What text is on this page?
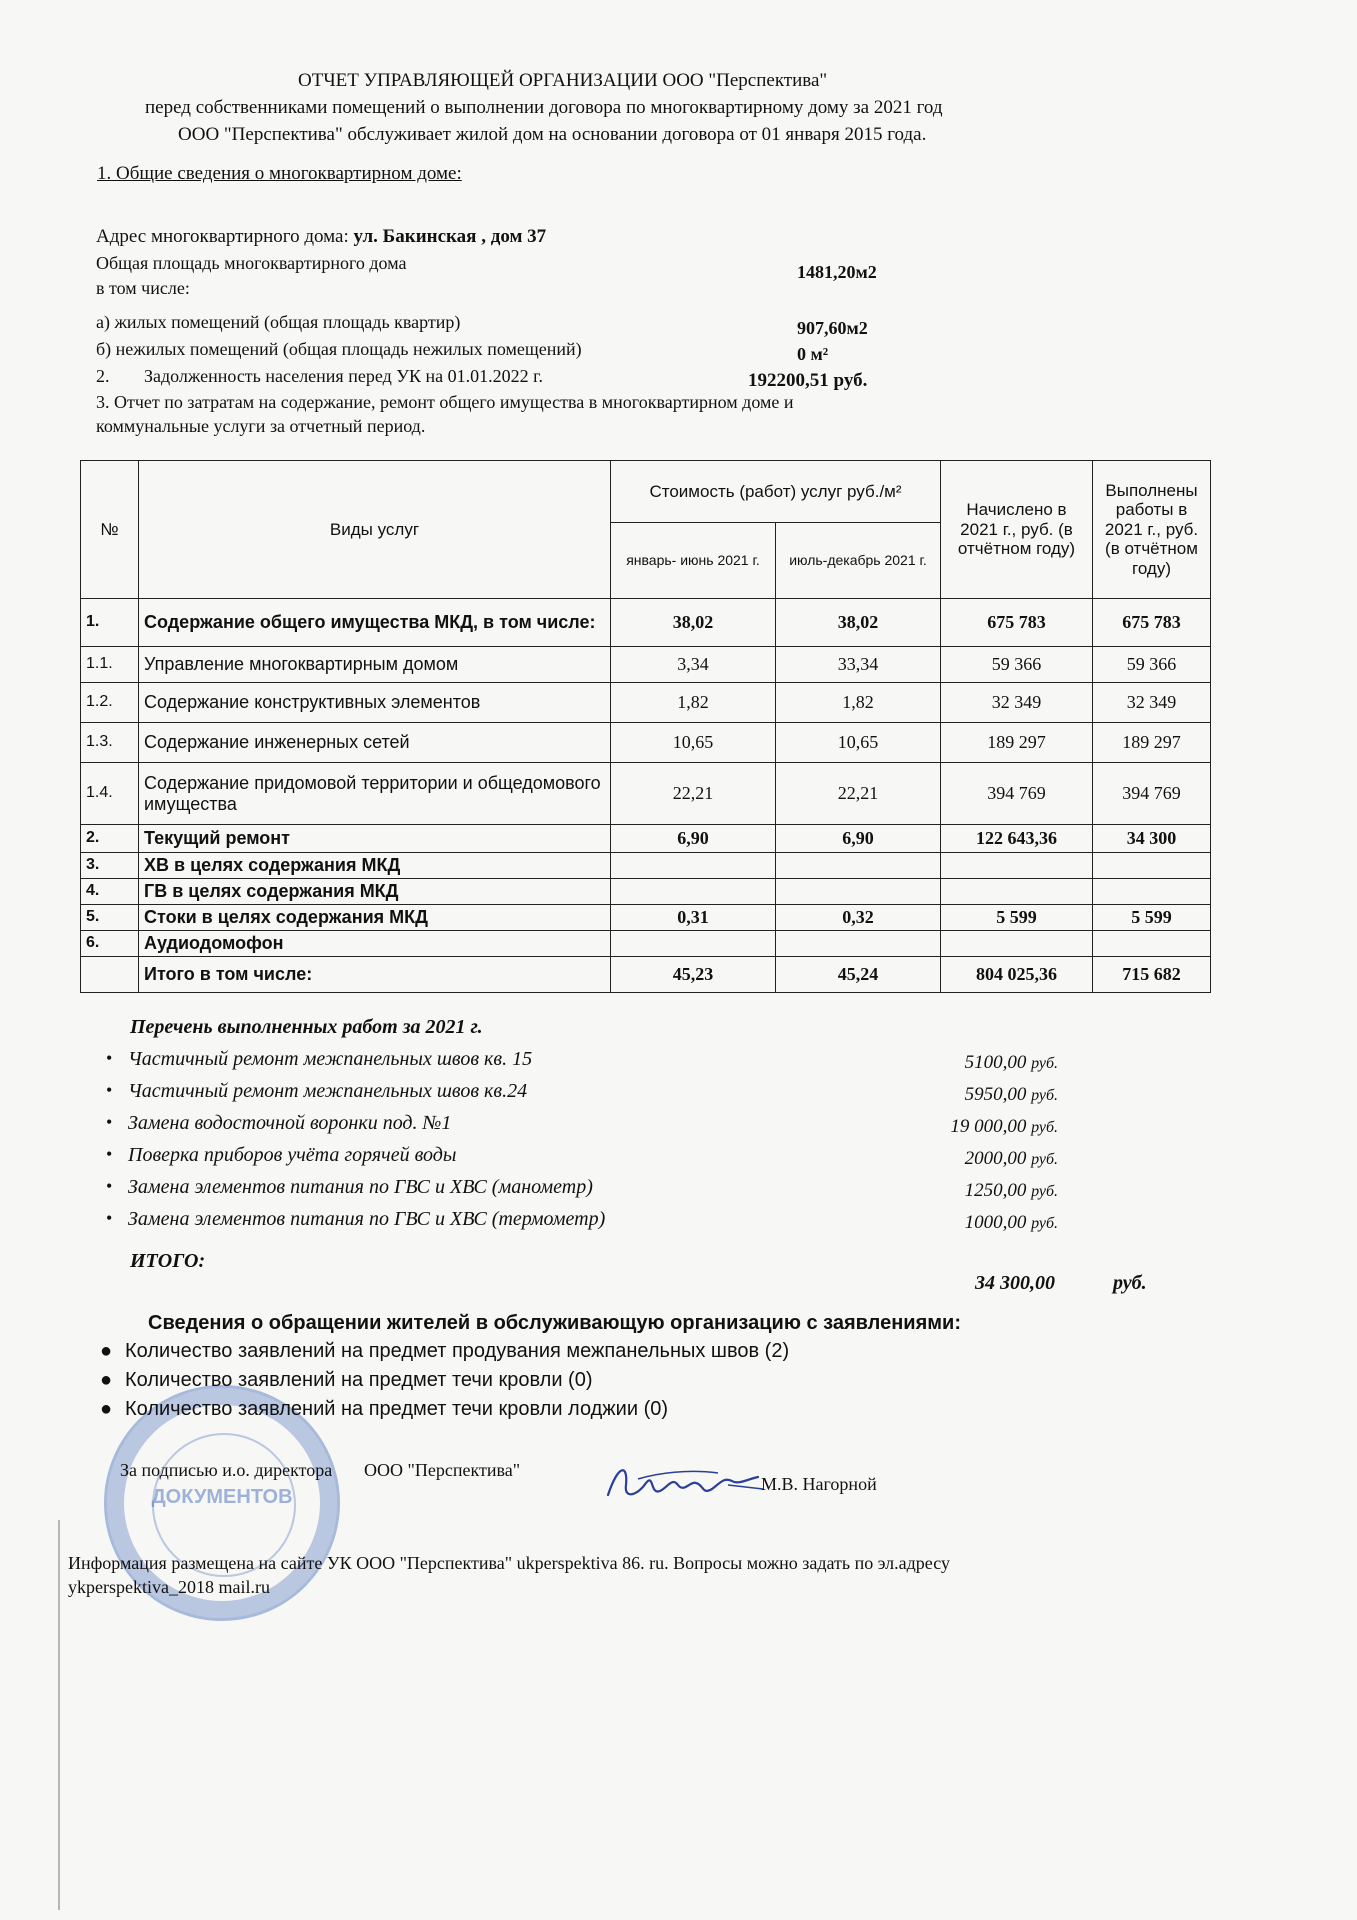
ОТЧЕТ УПРАВЛЯЮЩЕЙ ОРГАНИЗАЦИИ ООО "Перспектива"
перед собственниками помещений о выполнении договора по многоквартирному дому за 2021 год
ООО "Перспектива" обслуживает жилой дом на основании договора от 01 января 2015 года.
1. Общие сведения о многоквартирном доме:
Адрес многоквартирного дома: ул. Бакинская , дом 37
Общая площадь многоквартирного дома	1481,20м2
в том числе:
а) жилых помещений (общая площадь квартир)	907,60м2
б) нежилых помещений (общая площадь нежилых помещений)	0 м²
2. Задолженность населения перед УК на 01.01.2022 г.	192200,51 руб.
3. Отчет по затратам на содержание, ремонт общего имущества в многоквартирном доме и
коммунальные услуги за отчетный период.
№	Виды услуг	Стоимость (работ) услуг руб./м²		Начислено в 2021 г., руб. (в отчётном году)	Выполнены работы в 2021 г., руб. (в отчётном году)
		январь- июнь 2021 г.	июль-декабрь 2021 г.		
1.	Содержание общего имущества МКД, в том числе:	38,02	38,02	675 783	675 783
1.1.	Управление многоквартирным домом	3,34	33,34	59 366	59 366
1.2.	Содержание конструктивных элементов	1,82	1,82	32 349	32 349
1.3.	Содержание инженерных сетей	10,65	10,65	189 297	189 297
1.4.	Содержание придомовой территории и общедомового имущества	22,21	22,21	394 769	394 769
2.	Текущий ремонт	6,90	6,90	122 643,36	34 300
3.	ХВ в целях содержания МКД				
4.	ГВ в целях содержания МКД				
5.	Стоки в целях содержания МКД	0,31	0,32	5 599	5 599
6.	Аудиодомофон				
	Итого в том числе:	45,23	45,24	804 025,36	715 682
Перечень выполненных работ за 2021 г.
• Частичный ремонт межпанельных швов кв. 15	5100,00 руб.
• Частичный ремонт межпанельных швов кв.24	5950,00 руб.
• Замена водосточной воронки под. №1	19 000,00 руб.
• Поверка приборов учёта горячей воды	2000,00 руб.
• Замена элементов питания по ГВС и ХВС (манометр)	1250,00 руб.
• Замена элементов питания по ГВС и ХВС (термометр)	1000,00 руб.
ИТОГО:
34 300,00	руб.
ДОКУМЕНТОВ
Сведения о обращении жителей в обслуживающую организацию с заявлениями:
● Количество заявлений на предмет продувания межпанельных швов (2)
● Количество заявлений на предмет течи кровли (0)
● Количество заявлений на предмет течи кровли лоджии (0)
За подписью и.о. директора ООО "Перспектива"
М.В. Нагорной
Информация размещена на сайте УК ООО "Перспектива" ukperspektiva 86. ru. Вопросы можно задать по эл.адресу
ykperspektiva_2018 mail.ru
